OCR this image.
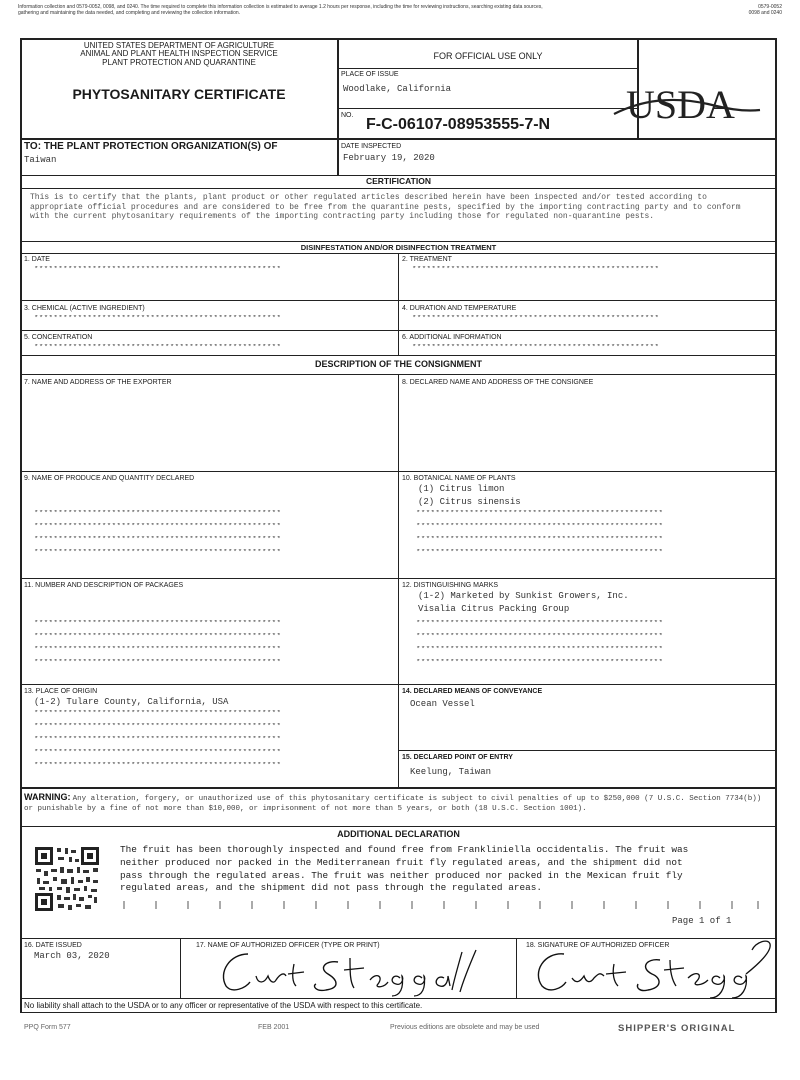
Information collection and 0579-0052, 0098, and 0240. The time required to complete this information collection is estimated to average 1.2 hours per response, including the time for reviewing instructions, searching existing data sources,
gathering and maintaining the data needed, and completing and reviewing the collection information.
0579-0052
0098 and 0240
UNITED STATES DEPARTMENT OF AGRICULTURE
ANIMAL AND PLANT HEALTH INSPECTION SERVICE
PLANT PROTECTION AND QUARANTINE
PHYTOSANITARY CERTIFICATE
FOR OFFICIAL USE ONLY
PLACE OF ISSUE
Woodlake, California
NO.
F-C-06107-08953555-7-N USDA
TO: THE PLANT PROTECTION ORGANIZATION(S) OF
Taiwan
DATE INSPECTED
February 19, 2020
CERTIFICATION
This is to certify that the plants, plant product or other regulated articles described herein have been inspected and/or tested according to appropriate official procedures and are considered to be free from the quarantine pests, specified by the importing contracting party and to conform with the current phytosanitary requirements of the importing contracting party including those for regulated non-quarantine pests.
DISINFESTATION AND/OR DISINFECTION TREATMENT
1. DATE
***************************************************
2. TREATMENT
***************************************************
3. CHEMICAL (ACTIVE INGREDIENT)
***************************************************
4. DURATION AND TEMPERATURE
***************************************************
5. CONCENTRATION
***************************************************
6. ADDITIONAL INFORMATION
***************************************************
DESCRIPTION OF THE CONSIGNMENT
7. NAME AND ADDRESS OF THE EXPORTER	8. DECLARED NAME AND ADDRESS OF THE CONSIGNEE
9. NAME OF PRODUCE AND QUANTITY DECLARED
***************************************************
***************************************************
***************************************************
***************************************************
10. BOTANICAL NAME OF PLANTS
(1) Citrus limon
(2) Citrus sinensis
***************************************************
***************************************************
***************************************************
***************************************************
11. NUMBER AND DESCRIPTION OF PACKAGES
***************************************************
***************************************************
***************************************************
***************************************************
12. DISTINGUISHING MARKS
(1-2) Marketed by Sunkist Growers, Inc.
Visalia Citrus Packing Group
***************************************************
***************************************************
***************************************************
***************************************************
13. PLACE OF ORIGIN
(1-2) Tulare County, California, USA
***************************************************
***************************************************
***************************************************
***************************************************
***************************************************
14. DECLARED MEANS OF CONVEYANCE
Ocean Vessel
15. DECLARED POINT OF ENTRY
Keelung, Taiwan
WARNING: Any alteration, forgery, or unauthorized use of this phytosanitary certificate is subject to civil penalties of up to $250,000 (7 U.S.C. Section 7734(b)) or punishable by a fine of not more than $10,000, or imprisonment of not more than 5 years, or both (18 U.S.C. Section 1001).
ADDITIONAL DECLARATION
The fruit has been thoroughly inspected and found free from Frankliniella occidentalis. The fruit was
neither produced nor packed in the Mediterranean fruit fly regulated areas, and the shipment did not
pass through the regulated areas. The fruit was neither produced nor packed in the Mexican fruit fly
regulated areas, and the shipment did not pass through the regulated areas.
Page 1 of 1
16. DATE ISSUED
March 03, 2020
17. NAME OF AUTHORIZED OFFICER (TYPE OR PRINT)	18. SIGNATURE OF AUTHORIZED OFFICER
No liability shall attach to the USDA or to any officer or representative of the USDA with respect to this certificate.
PPQ Form 577	FEB 2001	Previous editions are obsolete and may be used	SHIPPER'S ORIGINAL
